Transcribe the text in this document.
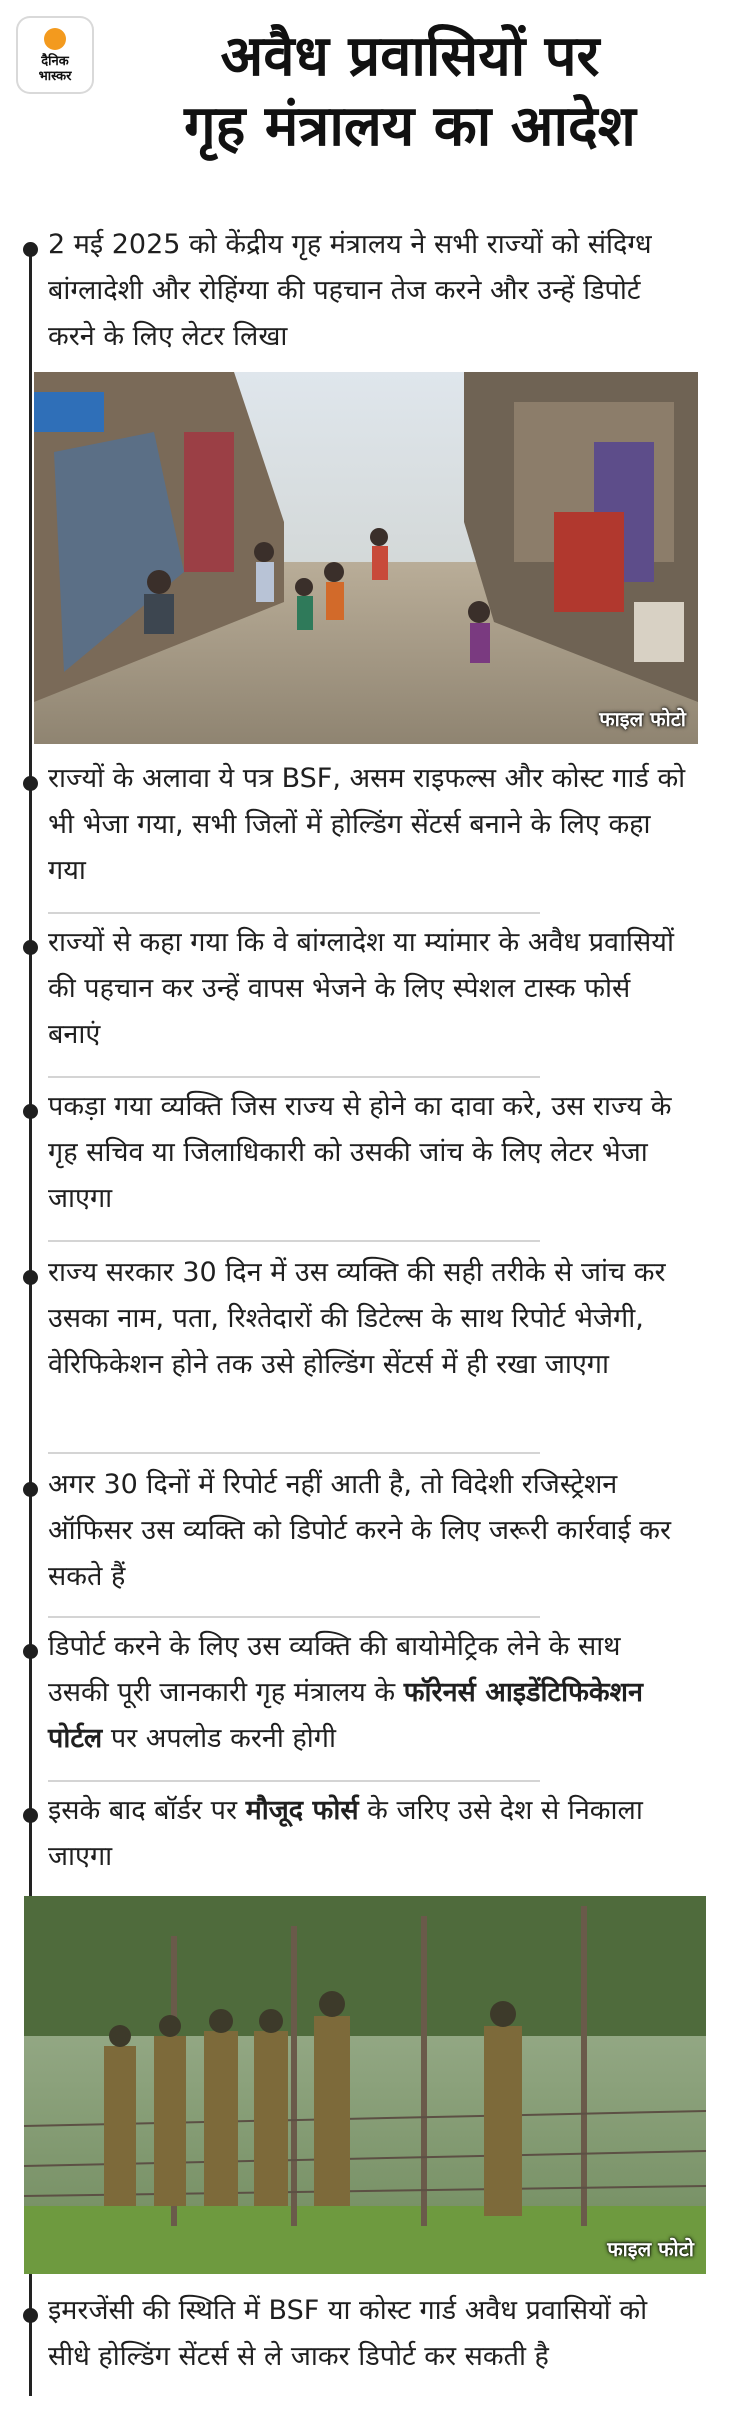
दैनिक
भास्कर	अवैध प्रवासियों पर
गृह मंत्रालय का आदेश
2 मई 2025 को केंद्रीय गृह मंत्रालय ने सभी राज्यों को संदिग्ध बांग्लादेशी और रोहिंग्या की पहचान तेज करने और उन्हें डिपोर्ट करने के लिए लेटर लिखा
फाइल फोटो
राज्यों के अलावा ये पत्र BSF, असम राइफल्स और कोस्ट गार्ड को भी भेजा गया, सभी जिलों में होल्डिंग सेंटर्स बनाने के लिए कहा गया
राज्यों से कहा गया कि वे बांग्लादेश या म्यांमार के अवैध प्रवासियों की पहचान कर उन्हें वापस भेजने के लिए स्पेशल टास्क फोर्स बनाएं
पकड़ा गया व्यक्ति जिस राज्य से होने का दावा करे, उस राज्य के गृह सचिव या जिलाधिकारी को उसकी जांच के लिए लेटर भेजा जाएगा
राज्य सरकार 30 दिन में उस व्यक्ति की सही तरीके से जांच कर उसका नाम, पता, रिश्तेदारों की डिटेल्स के साथ रिपोर्ट भेजेगी, वेरिफिकेशन होने तक उसे होल्डिंग सेंटर्स में ही रखा जाएगा
अगर 30 दिनों में रिपोर्ट नहीं आती है, तो विदेशी रजिस्ट्रेशन ऑफिसर उस व्यक्ति को डिपोर्ट करने के लिए जरूरी कार्रवाई कर सकते हैं
डिपोर्ट करने के लिए उस व्यक्ति की बायोमेट्रिक लेने के साथ उसकी पूरी जानकारी गृह मंत्रालय के फॉरेनर्स आइडेंटिफिकेशन पोर्टल पर अपलोड करनी होगी
इसके बाद बॉर्डर पर मौजूद फोर्स के जरिए उसे देश से निकाला जाएगा
फाइल फोटो
इमरजेंसी की स्थिति में BSF या कोस्ट गार्ड अवैध प्रवासियों को सीधे होल्डिंग सेंटर्स से ले जाकर डिपोर्ट कर सकती है
